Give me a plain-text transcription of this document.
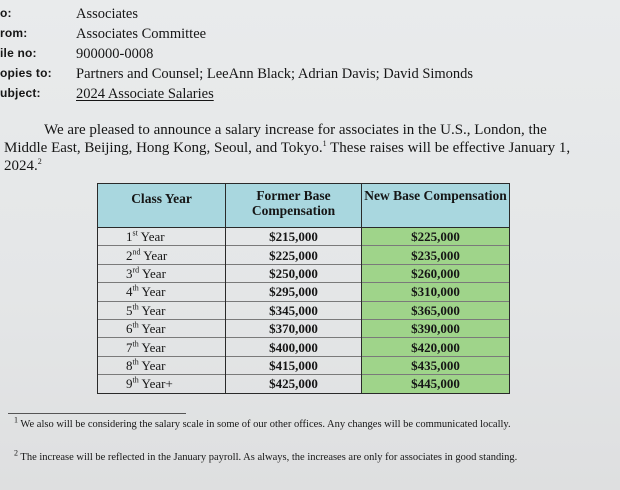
o:	Associates
rom:	Associates Committee
ile no:	900000-0008
opies to: Partners and Counsel; LeeAnn Black; Adrian Davis; David Simonds
ubject: 2024 Associate Salaries
We are pleased to announce a salary increase for associates in the U.S., London, the
Middle East, Beijing, Hong Kong, Seoul, and Tokyo.$^1$ These raises will be effective January 1,
2024.$^2$
Class Year	Former Base Compensation	New Base Compensation
1st Year	$215,000	$225,000
2nd Year	$225,000	$235,000
3rd Year	$250,000	$260,000
4th Year	$295,000	$310,000
5th Year	$345,000	$365,000
6th Year	$370,000	$390,000
7th Year	$400,000	$420,000
8th Year	$415,000	$435,000
9th Year+	$425,000	$445,000
$^1$ We also will be considering the salary scale in some of our other offices. Any changes will be communicated locally.
$^2$ The increase will be reflected in the January payroll. As always, the increases are only for associates in good standing.
